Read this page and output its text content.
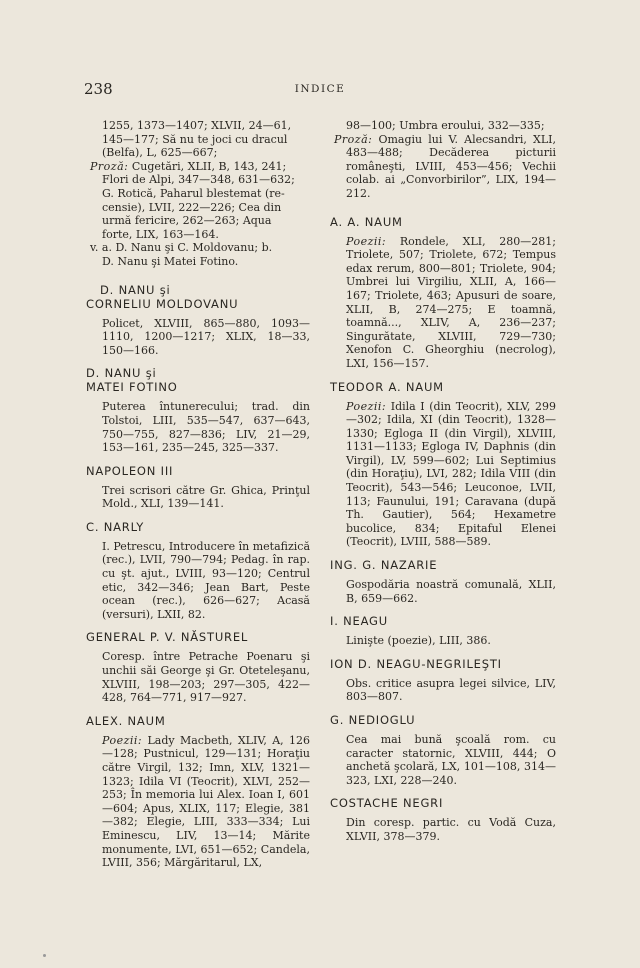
238	INDICE
1255, 1373—1407; XLVII, 24—61,
145—177; Să nu te joci cu dracul
(Belfa), L, 625—667;
Proză: Cugetări, XLII, B, 143, 241;
Flori de Alpi, 347—348, 631—632;
G. Rotică, Paharul blestemat (re-
censie), LVII, 222—226; Cea din
urmă fericire, 262—263; Aqua
forte, LIX, 163—164.
v. a. D. Nanu şi C. Moldovanu; b.
D. Nanu şi Matei Fotino.
D. NANU şi
CORNELIU MOLDOVANU
Policet, XLVIII, 865—880, 1093—1110, 1200—1217; XLIX, 18—33, 150—166.
D. NANU şi
MATEI FOTINO
Puterea întunerecului; trad. din Tolstoi, LIII, 535—547, 637—643, 750—755, 827—836; LIV, 21—29, 153—161, 235—245, 325—337.
NAPOLEON III
Trei scrisori către Gr. Ghica, Prinţul Mold., XLI, 139—141.
C. NARLY
I. Petrescu, Introducere în metafizică (rec.), LVII, 790—794; Pedag. în rap. cu şt. ajut., LVIII, 93—120; Centrul etic, 342—346; Jean Bart, Peste ocean (rec.), 626—627; Acasă (versuri), LXII, 82.
GENERAL P. V. NĂSTUREL
Coresp. între Petrache Poenaru şi unchii săi George şi Gr. Oteteleşanu, XLVIII, 198—203; 297—305, 422—428, 764—771, 917—927.
ALEX. NAUM
Poezii: Lady Macbeth, XLIV, A, 126—128; Pustnicul, 129—131; Horaţiu către Virgil, 132; Imn, XLV, 1321—1323; Idila VI (Teocrit), XLVI, 252—253; În memoria lui Alex. Ioan I, 601—604; Apus, XLIX, 117; Elegie, 381—382; Elegie, LIII, 333—334; Lui Eminescu, LIV, 13—14; Mărite monumente, LVI, 651—652; Candela, LVIII, 356; Mărgăritarul, LX,
98—100; Umbra eroului, 332—335;
Proză: Omagiu lui V. Alecsandri, XLI, 483—488; Decăderea picturii româneşti, LVIII, 453—456; Vechii colab. ai „Convorbirilor”, LIX, 194—212.
A. A. NAUM
Poezii: Rondele, XLI, 280—281; Triolete, 507; Triolete, 672; Tempus edax rerum, 800—801; Triolete, 904; Umbrei lui Virgiliu, XLII, A, 166—167; Triolete, 463; Apusuri de soare, XLII, B, 274—275; E toamnă, toamnă..., XLIV, A, 236—237; Singurătate, XLVIII, 729—730; Xenofon C. Gheorghiu (necrolog), LXI, 156—157.
TEODOR A. NAUM
Poezii: Idila I (din Teocrit), XLV, 299—302; Idila, XI (din Teocrit), 1328—1330; Egloga II (din Virgil), XLVIII, 1131—1133; Egloga IV, Daphnis (din Virgil), LV, 599—602; Lui Septimius (din Horaţiu), LVI, 282; Idila VIII (din Teocrit), 543—546; Leuconoe, LVII, 113; Faunului, 191; Caravana (după Th. Gautier), 564; Hexametre bucolice, 834; Epitaful Elenei (Teocrit), LVIII, 588—589.
ING. G. NAZARIE
Gospodăria noastră comunală, XLII, B, 659—662.
I. NEAGU
Linişte (poezie), LIII, 386.
ION D. NEAGU-NEGRILEŞTI
Obs. critice asupra legei silvice, LIV, 803—807.
G. NEDIOGLU
Cea mai bună şcoală rom. cu caracter statornic, XLVIII, 444; O anchetă şcolară, LX, 101—108, 314—323, LXI, 228—240.
COSTACHE NEGRI
Din coresp. partic. cu Vodă Cuza, XLVII, 378—379.
